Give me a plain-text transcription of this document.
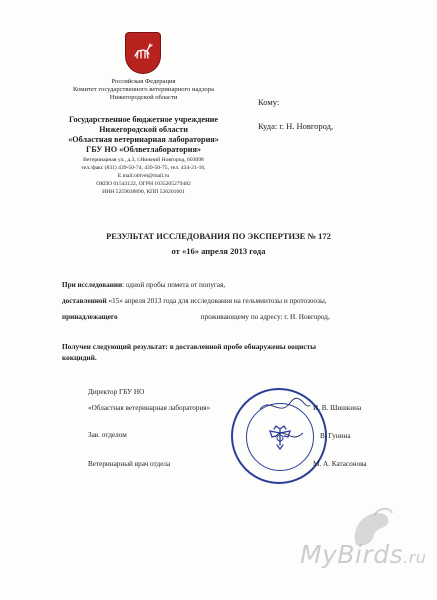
Российская Федерация
Комитет государственного ветеринарного надзора
Нижегородской области
Государственное бюджетное учреждение
Нижегородской области
«Областная ветеринарная лаборатория»
ГБУ НО «Облветлаборатория»
Ветеринарная ул., д.3, г.Нижний Новгород, 603098
тел./факс (831) 439-50-74, 439-50-75, тел. 434-21-16,
E.mail:oblvet@mail.ru
ОКПО 01543122, ОГРН 1035205279482
ИНН 5259038890, КПП 526201001
Кому:
Куда: г. Н. Новгород,
РЕЗУЛЬТАТ ИССЛЕДОВАНИЯ ПО ЭКСПЕРТИЗЕ № 172
от «16» апреля 2013 года
При исследовании: одной пробы помета от попугая,
доставленной «15» апреля 2013 года для исследования на гельминтозы и протозоозы,
принадлежащего	проживающему по адресу: г. Н. Новгород,
Получен следующий результат: в доставленной пробе обнаружены ооцисты
кокцидий.
Директор ГБУ НО
«Областная ветеринарная лаборатория»	И. В. Шишкина
Зав. отделом	В. Гунина
Ветеринарный врач отдела	М. А. Катасонова
MyBirds.ru
